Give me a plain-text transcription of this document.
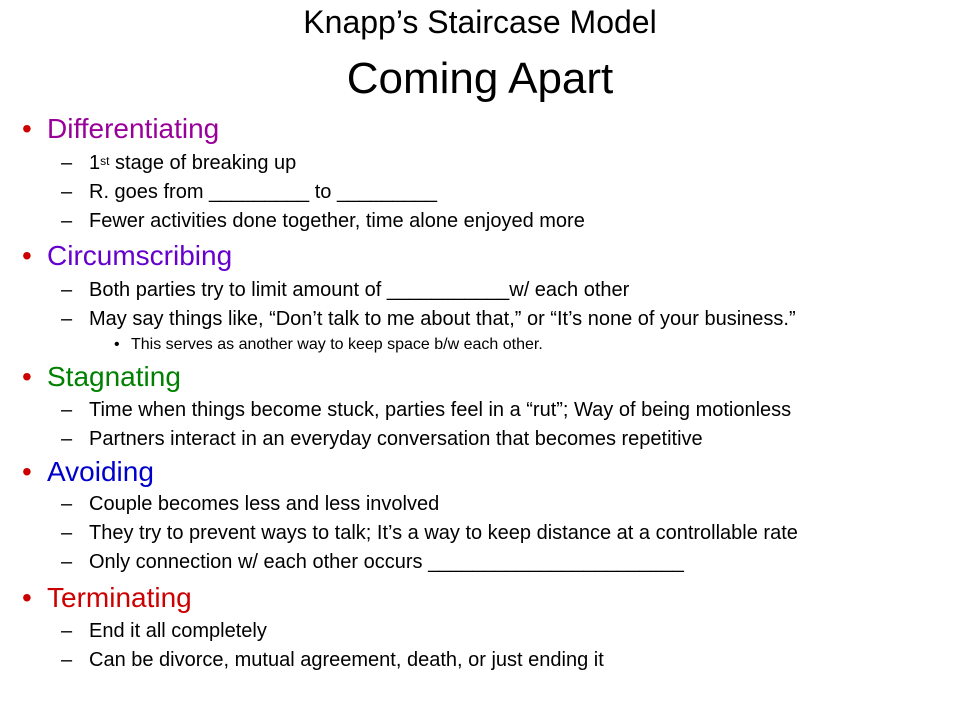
Knapp’s Staircase Model
Coming Apart
• Differentiating
– 1st stage of breaking up
– R. goes from _________ to _________
– Fewer activities done together, time alone enjoyed more
• Circumscribing
– Both parties try to limit amount of ___________w/ each other
– May say things like, “Don’t talk to me about that,” or “It’s none of your business.”
• This serves as another way to keep space b/w each other.
• Stagnating
– Time when things become stuck, parties feel in a “rut”; Way of being motionless
– Partners interact in an everyday conversation that becomes repetitive
• Avoiding
– Couple becomes less and less involved
– They try to prevent ways to talk; It’s a way to keep distance at a controllable rate
– Only connection w/ each other occurs _______________________
• Terminating
– End it all completely
– Can be divorce, mutual agreement, death, or just ending it
